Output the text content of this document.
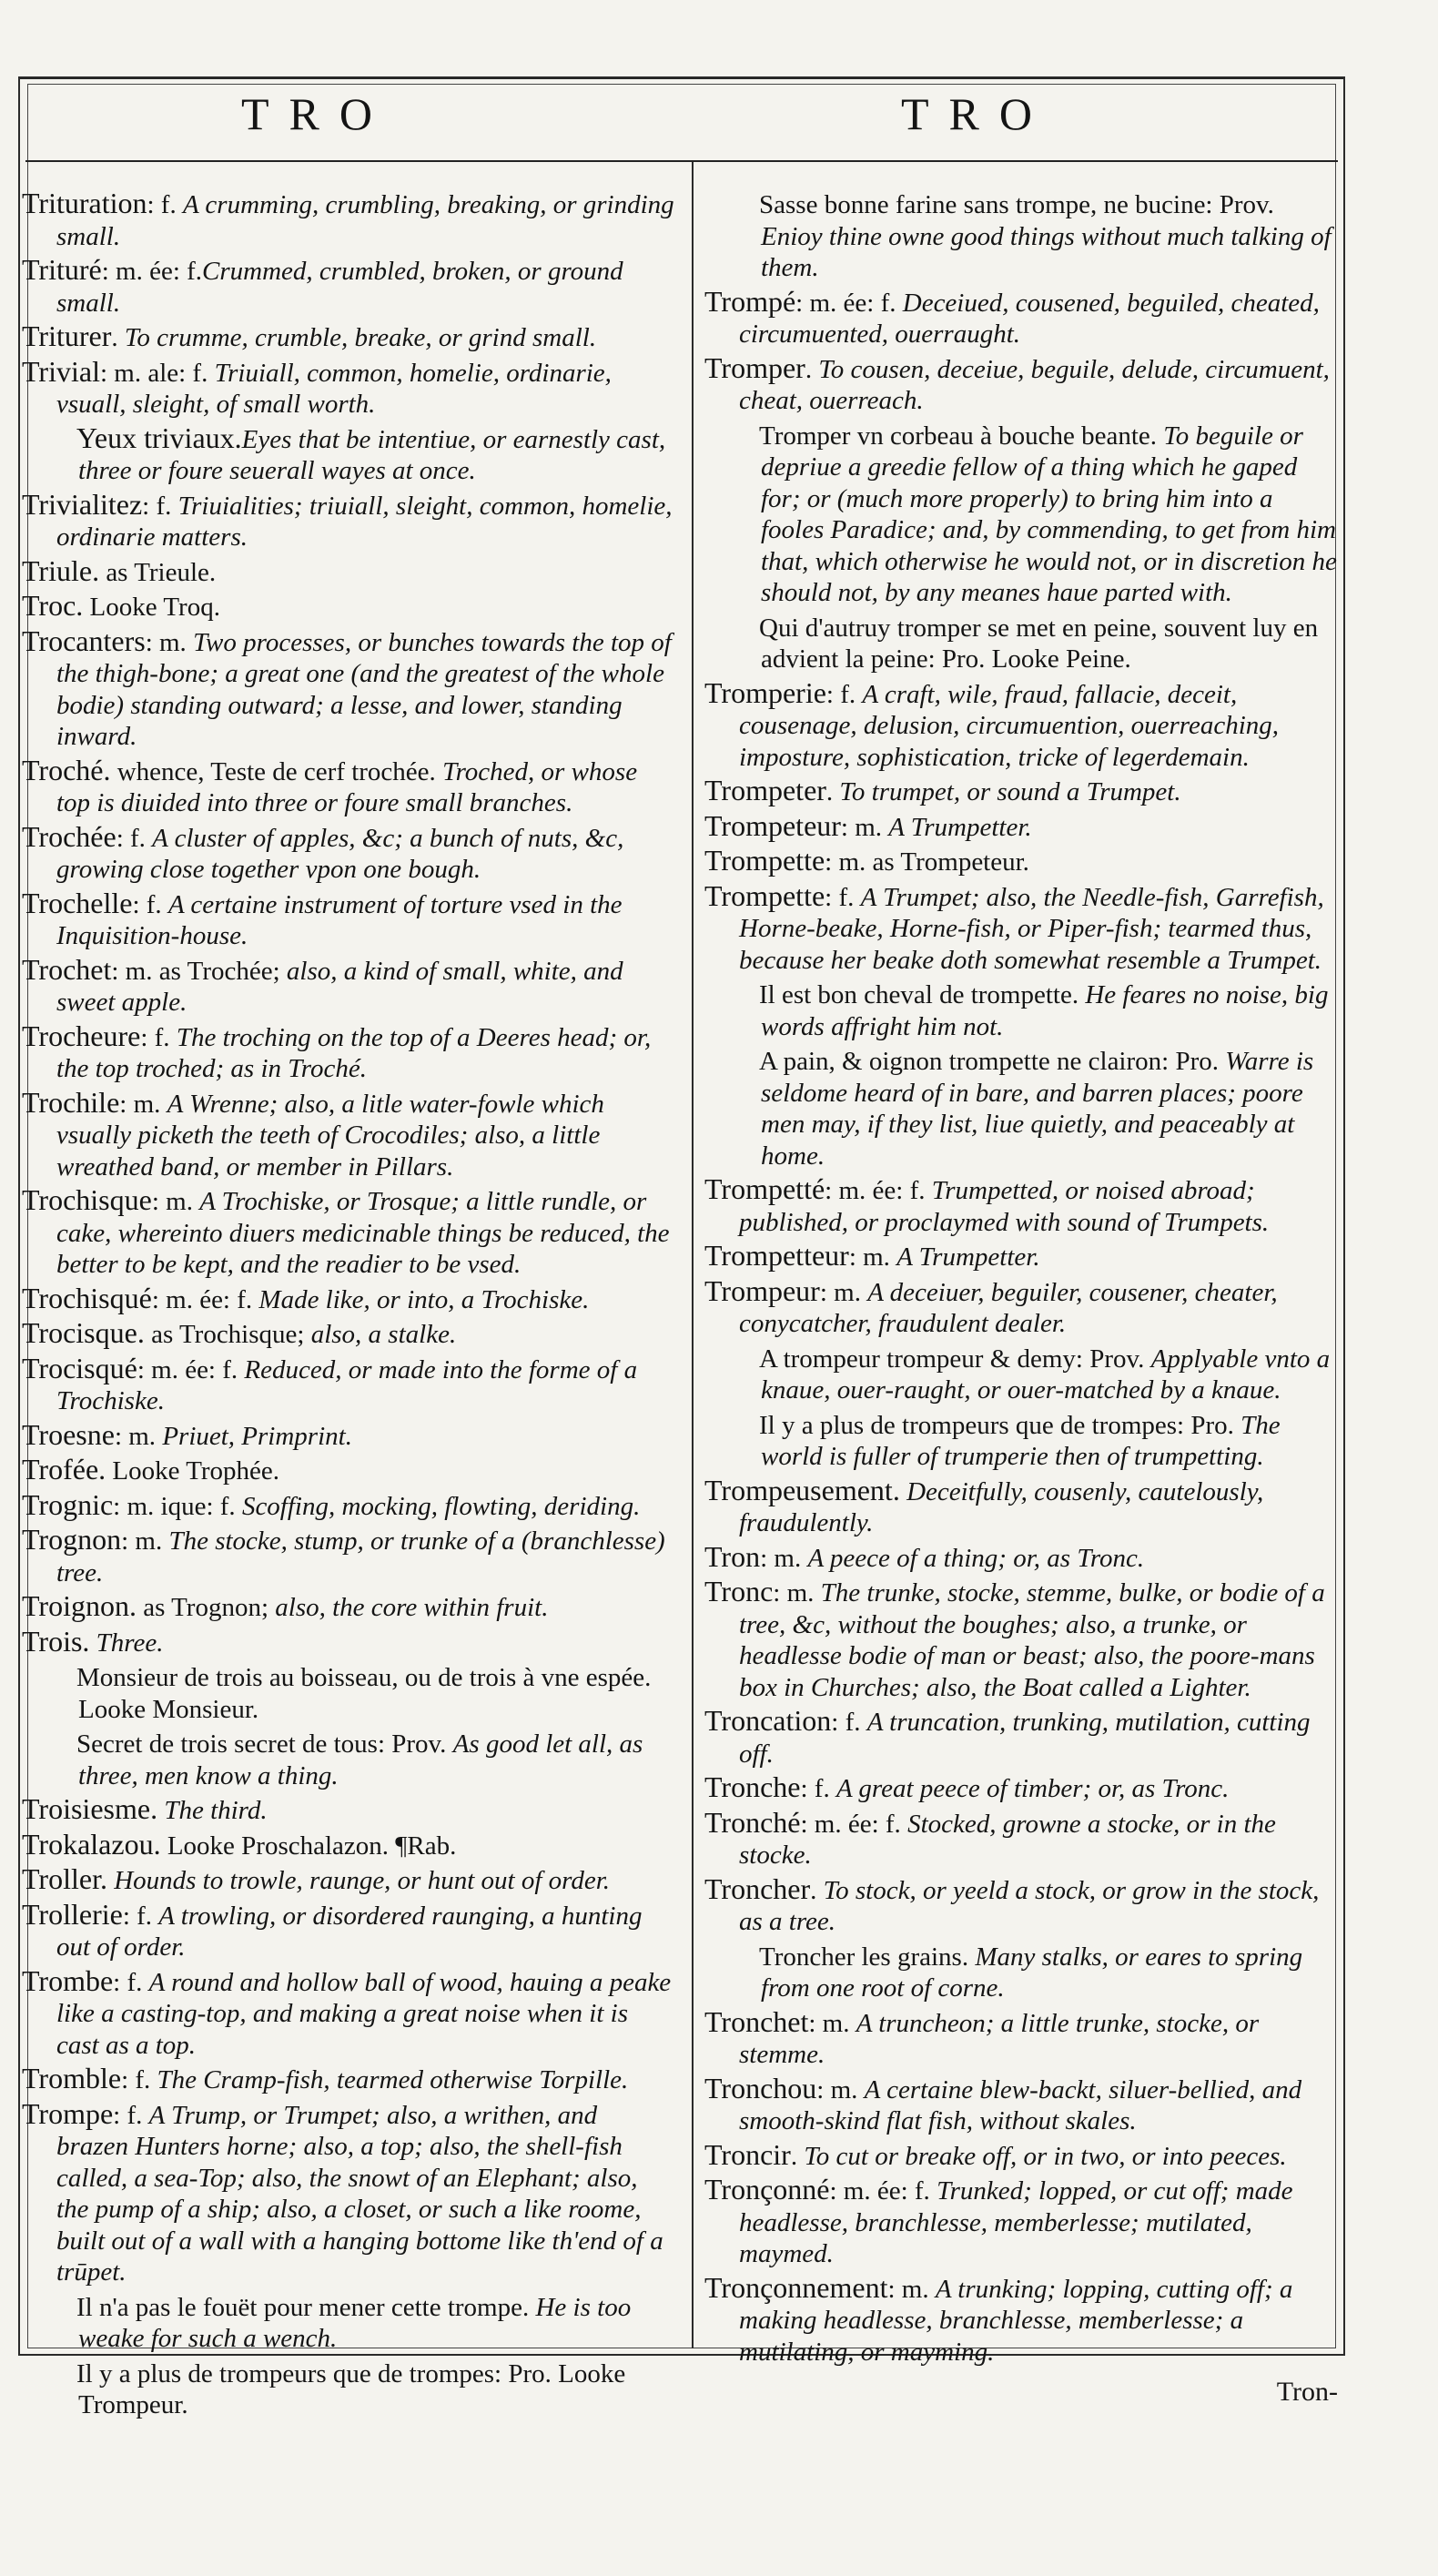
TRO	TRO
Trituration: f. A crumming, crumbling, breaking, or grinding small.
Trituré: m. ée: f.Crummed, crumbled, broken, or ground small.
Triturer. To crumme, crumble, breake, or grind small.
Trivial: m. ale: f. Triuiall, common, homelie, ordinarie, vsuall, sleight, of small worth.
Yeux triviaux.Eyes that be intentiue, or earnestly cast, three or foure seuerall wayes at once.
Trivialitez: f. Triuialities; triuiall, sleight, common, homelie, ordinarie matters.
Triule. as Trieule.
Troc. Looke Troq.
Trocanters: m. Two processes, or bunches towards the top of the thigh-bone; a great one (and the greatest of the whole bodie) standing outward; a lesse, and lower, standing inward.
Troché. whence, Teste de cerf trochée. Troched, or whose top is diuided into three or foure small branches.
Trochée: f. A cluster of apples, &c; a bunch of nuts, &c, growing close together vpon one bough.
Trochelle: f. A certaine instrument of torture vsed in the Inquisition-house.
Trochet: m. as Trochée; also, a kind of small, white, and sweet apple.
Trocheure: f. The troching on the top of a Deeres head; or, the top troched; as in Troché.
Trochile: m. A Wrenne; also, a litle water-fowle which vsually picketh the teeth of Crocodiles; also, a little wreathed band, or member in Pillars.
Trochisque: m. A Trochiske, or Trosque; a little rundle, or cake, whereinto diuers medicinable things be reduced, the better to be kept, and the readier to be vsed.
Trochisqué: m. ée: f. Made like, or into, a Trochiske.
Trocisque. as Trochisque; also, a stalke.
Trocisqué: m. ée: f. Reduced, or made into the forme of a Trochiske.
Troesne: m. Priuet, Primprint.
Trofée. Looke Trophée.
Trognic: m. ique: f. Scoffing, mocking, flowting, deriding.
Trognon: m. The stocke, stump, or trunke of a (branchlesse) tree.
Troignon. as Trognon; also, the core within fruit.
Trois. Three.
Monsieur de trois au boisseau, ou de trois à vne espée. Looke Monsieur.
Secret de trois secret de tous: Prov. As good let all, as three, men know a thing.
Troisiesme. The third.
Trokalazou. Looke Proschalazon. ¶Rab.
Troller. Hounds to trowle, raunge, or hunt out of order.
Trollerie: f. A trowling, or disordered raunging, a hunting out of order.
Trombe: f. A round and hollow ball of wood, hauing a peake like a casting-top, and making a great noise when it is cast as a top.
Tromble: f. The Cramp-fish, tearmed otherwise Torpille.
Trompe: f. A Trump, or Trumpet; also, a writhen, and brazen Hunters horne; also, a top; also, the shell-fish called, a sea-Top; also, the snowt of an Elephant; also, the pump of a ship; also, a closet, or such a like roome, built out of a wall with a hanging bottome like th'end of a trūpet.
Il n'a pas le fouët pour mener cette trompe. He is too weake for such a wench.
Il y a plus de trompeurs que de trompes: Pro. Looke Trompeur.
Sasse bonne farine sans trompe, ne bucine: Prov. Enioy thine owne good things without much talking of them.
Trompé: m. ée: f. Deceiued, cousened, beguiled, cheated, circumuented, ouerraught.
Tromper. To cousen, deceiue, beguile, delude, circumuent, cheat, ouerreach.
Tromper vn corbeau à bouche beante. To beguile or depriue a greedie fellow of a thing which he gaped for; or (much more properly) to bring him into a fooles Paradice; and, by commending, to get from him that, which otherwise he would not, or in discretion he should not, by any meanes haue parted with.
Qui d'autruy tromper se met en peine, souvent luy en advient la peine: Pro. Looke Peine.
Tromperie: f. A craft, wile, fraud, fallacie, deceit, cousenage, delusion, circumuention, ouerreaching, imposture, sophistication, tricke of legerdemain.
Trompeter. To trumpet, or sound a Trumpet.
Trompeteur: m. A Trumpetter.
Trompette: m. as Trompeteur.
Trompette: f. A Trumpet; also, the Needle-fish, Garrefish, Horne-beake, Horne-fish, or Piper-fish; tearmed thus, because her beake doth somewhat resemble a Trumpet.
Il est bon cheval de trompette. He feares no noise, big words affright him not.
A pain, & oignon trompette ne clairon: Pro. Warre is seldome heard of in bare, and barren places; poore men may, if they list, liue quietly, and peaceably at home.
Trompetté: m. ée: f. Trumpetted, or noised abroad; published, or proclaymed with sound of Trumpets.
Trompetteur: m. A Trumpetter.
Trompeur: m. A deceiuer, beguiler, cousener, cheater, conycatcher, fraudulent dealer.
A trompeur trompeur & demy: Prov. Applyable vnto a knaue, ouer-raught, or ouer-matched by a knaue.
Il y a plus de trompeurs que de trompes: Pro. The world is fuller of trumperie then of trumpetting.
Trompeusement. Deceitfully, cousenly, cautelously, fraudulently.
Tron: m. A peece of a thing; or, as Tronc.
Tronc: m. The trunke, stocke, stemme, bulke, or bodie of a tree, &c, without the boughes; also, a trunke, or headlesse bodie of man or beast; also, the poore-mans box in Churches; also, the Boat called a Lighter.
Troncation: f. A truncation, trunking, mutilation, cutting off.
Tronche: f. A great peece of timber; or, as Tronc.
Tronché: m. ée: f. Stocked, growne a stocke, or in the stocke.
Troncher. To stock, or yeeld a stock, or grow in the stock, as a tree.
Troncher les grains. Many stalks, or eares to spring from one root of corne.
Tronchet: m. A truncheon; a little trunke, stocke, or stemme.
Tronchou: m. A certaine blew-backt, siluer-bellied, and smooth-skind flat fish, without skales.
Troncir. To cut or breake off, or in two, or into peeces.
Tronçonné: m. ée: f. Trunked; lopped, or cut off; made headlesse, branchlesse, memberlesse; mutilated, maymed.
Tronçonnement: m. A trunking; lopping, cutting off; a making headlesse, branchlesse, memberlesse; a mutilating, or mayming.
Tron-
